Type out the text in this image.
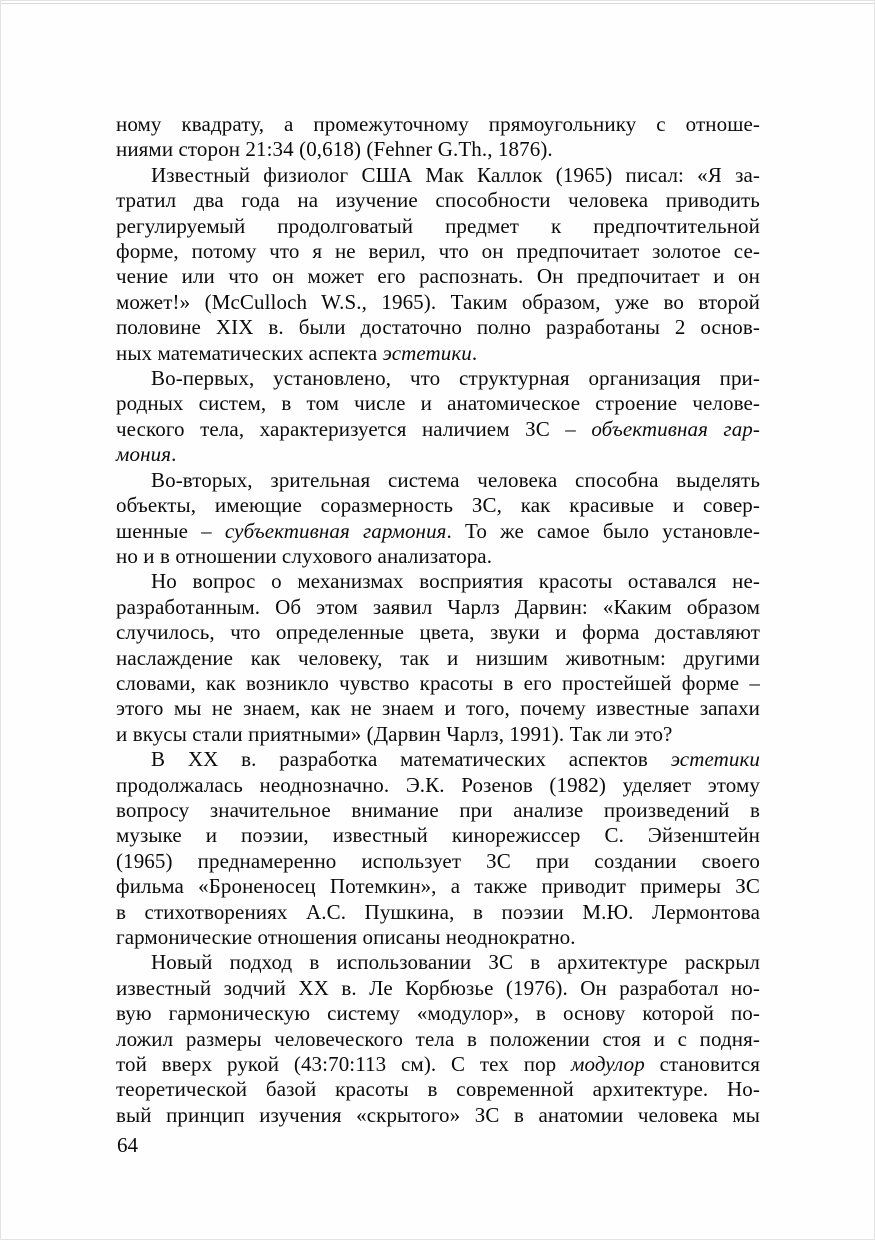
ному квадрату, а промежуточному прямоугольнику с отноше-
ниями сторон 21:34 (0,618) (Fehner G.Th., 1876).
Известный физиолог США Мак Каллок (1965) писал: «Я за-
тратил два года на изучение способности человека приводить
регулируемый продолговатый предмет к предпочтительной
форме, потому что я не верил, что он предпочитает золотое се-
чение или что он может его распознать. Он предпочитает и он
может!» (McCulloch W.S., 1965). Таким образом, уже во второй
половине XIX в. были достаточно полно разработаны 2 основ-
ных математических аспекта эстетики.
Во-первых, установлено, что структурная организация при-
родных систем, в том числе и анатомическое строение челове-
ческого тела, характеризуется наличием ЗС – объективная гар-
мония.
Во-вторых, зрительная система человека способна выделять
объекты, имеющие соразмерность ЗС, как красивые и совер-
шенные – субъективная гармония. То же самое было установле-
но и в отношении слухового анализатора.
Но вопрос о механизмах восприятия красоты оставался не-
разработанным. Об этом заявил Чарлз Дарвин: «Каким образом
случилось, что определенные цвета, звуки и форма доставляют
наслаждение как человеку, так и низшим животным: другими
словами, как возникло чувство красоты в его простейшей форме –
этого мы не знаем, как не знаем и того, почему известные запахи
и вкусы стали приятными» (Дарвин Чарлз, 1991). Так ли это?
В ХХ в. разработка математических аспектов эстетики
продолжалась неоднозначно. Э.К. Розенов (1982) уделяет этому
вопросу значительное внимание при анализе произведений в
музыке и поэзии, известный кинорежиссер С. Эйзенштейн
(1965) преднамеренно использует ЗС при создании своего
фильма «Броненосец Потемкин», а также приводит примеры ЗС
в стихотворениях А.С. Пушкина, в поэзии М.Ю. Лермонтова
гармонические отношения описаны неоднократно.
Новый подход в использовании ЗС в архитектуре раскрыл
известный зодчий XX в. Ле Корбюзье (1976). Он разработал но-
вую гармоническую систему «модулор», в основу которой по-
ложил размеры человеческого тела в положении стоя и с подня-
той вверх рукой (43:70:113 см). С тех пор модулор становится
теоретической базой красоты в современной архитектуре. Но-
вый принцип изучения «скрытого» ЗС в анатомии человека мы
64
